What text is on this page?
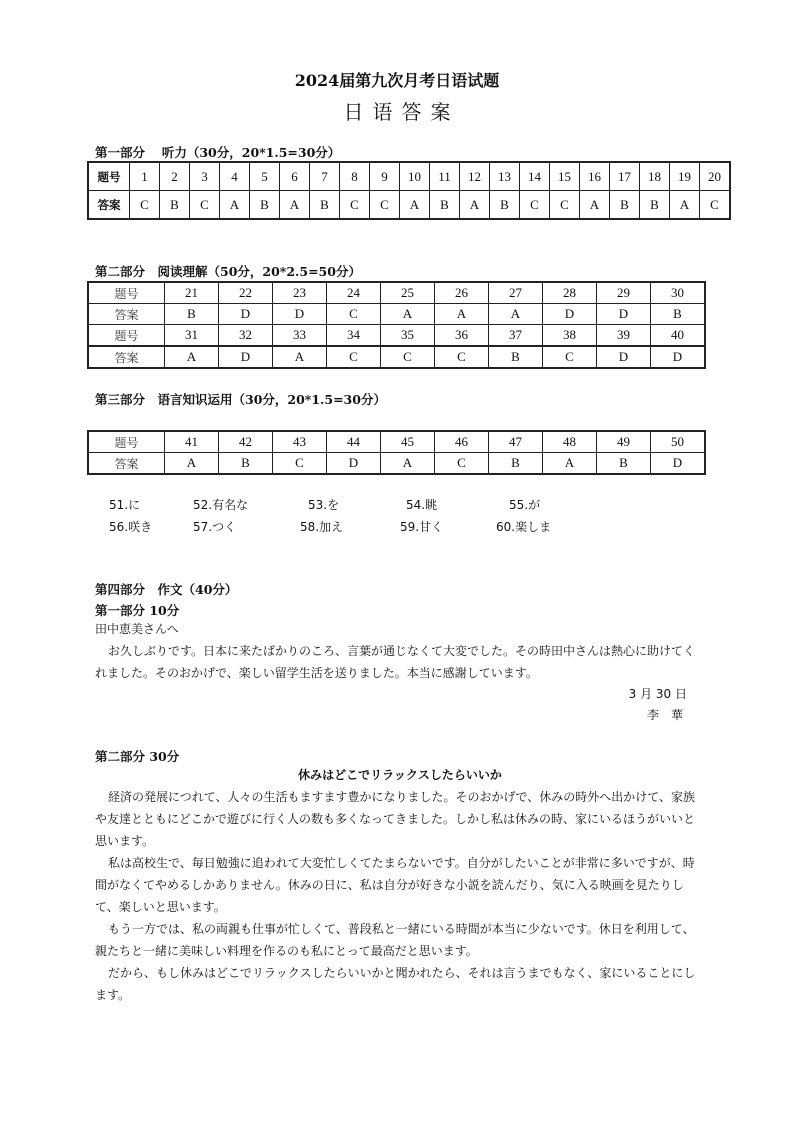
2024届第九次月考日语试题
日语答案
第一部分　 听力（30分，20*1.5=30分）
题号	1	2	3	4	5	6	7	8	9	10	11	12	13	14	15	16	17	18	19	20
答案	C	B	C	A	B	A	B	C	C	A	B	A	B	C	C	A	B	B	A	C
第二部分　阅读理解（50分，20*2.5=50分）
题号	21	22	23	24	25	26	27	28	29	30
答案	B	D	D	C	A	A	A	D	D	B
题号	31	32	33	34	35	36	37	38	39	40
答案	A	D	A	C	C	C	B	C	D	D
第三部分　语言知识运用（30分，20*1.5=30分）
题号	41	42	43	44	45	46	47	48	49	50
答案	A	B	C	D	A	C	B	A	B	D
51.に	52.有名な	53.を	54.眺	55.が
56.咲き	57.つく	58.加え	59.甘く	60.楽しま
第四部分　作文（40分）
第一部分 10分
田中恵美さんへ
お久しぶりです。日本に来たばかりのころ、言葉が通じなくて大変でした。その時田中さんは熱心に助けてくれました。そのおかげで、楽しい留学生活を送りました。本当に感謝しています。
3 月 30 日
李　華
第二部分 30分
休みはどこでリラックスしたらいいか
経済の発展につれて、人々の生活もますます豊かになりました。そのおかげで、休みの時外へ出かけて、家族や友達とともにどこかで遊びに行く人の数も多くなってきました。しかし私は休みの時、家にいるほうがいいと思います。
私は高校生で、毎日勉強に追われて大変忙しくてたまらないです。自分がしたいことが非常に多いですが、時間がなくてやめるしかありません。休みの日に、私は自分が好きな小説を読んだり、気に入る映画を見たりして、楽しいと思います。
もう一方では、私の両親も仕事が忙しくて、普段私と一緒にいる時間が本当に少ないです。休日を利用して、親たちと一緒に美味しい料理を作るのも私にとって最高だと思います。
だから、もし休みはどこでリラックスしたらいいかと聞かれたら、それは言うまでもなく、家にいることにします。
